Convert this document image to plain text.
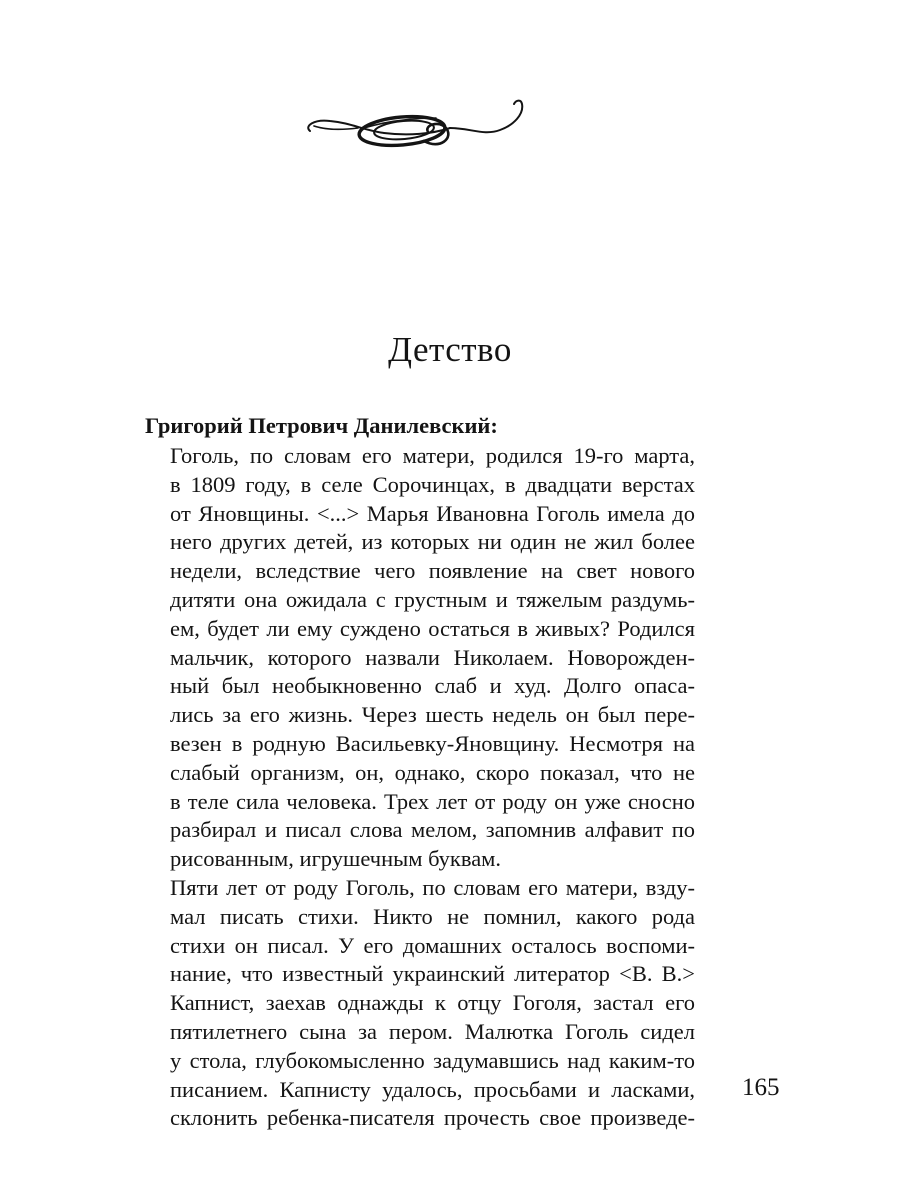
Детство
Григорий Петрович Данилевский:
Гоголь, по словам его матери, родился 19-го марта,
в 1809 году, в селе Сорочинцах, в двадцати верстах
от Яновщины. <...> Марья Ивановна Гоголь имела до
него других детей, из которых ни один не жил более
недели, вследствие чего появление на свет нового
дитяти она ожидала с грустным и тяжелым раздумь-
ем, будет ли ему суждено остаться в живых? Родился
мальчик, которого назвали Николаем. Новорожден-
ный был необыкновенно слаб и худ. Долго опаса-
лись за его жизнь. Через шесть недель он был пере-
везен в родную Васильевку-Яновщину. Несмотря на
слабый организм, он, однако, скоро показал, что не
в теле сила человека. Трех лет от роду он уже сносно
разбирал и писал слова мелом, запомнив алфавит по
рисованным, игрушечным буквам.
Пяти лет от роду Гоголь, по словам его матери, взду-
мал писать стихи. Никто не помнил, какого рода
стихи он писал. У его домашних осталось воспоми-
нание, что известный украинский литератор <В. В.>
Капнист, заехав однажды к отцу Гоголя, застал его
пятилетнего сына за пером. Малютка Гоголь сидел
у стола, глубокомысленно задумавшись над каким-то
писанием. Капнисту удалось, просьбами и ласками,
склонить ребенка-писателя прочесть свое произведе-
165
